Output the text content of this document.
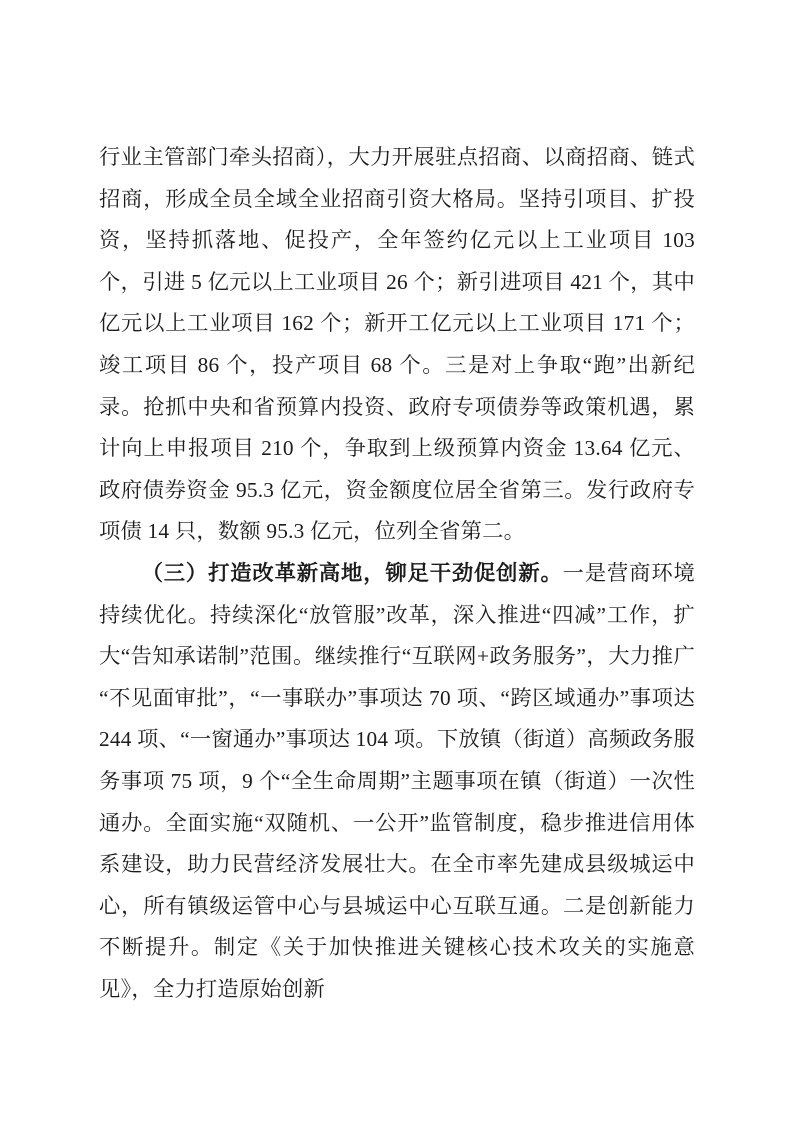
行业主管部门牵头招商），大力开展驻点招商、以商招商、链式招商，形成全员全域全业招商引资大格局。坚持引项目、扩投资，坚持抓落地、促投产，全年签约亿元以上工业项目 103 个，引进 5 亿元以上工业项目 26 个；新引进项目 421 个，其中亿元以上工业项目 162 个；新开工亿元以上工业项目 171 个；竣工项目 86 个，投产项目 68 个。三是对上争取“跑”出新纪录。抢抓中央和省预算内投资、政府专项债券等政策机遇，累计向上申报项目 210 个，争取到上级预算内资金 13.64 亿元、政府债券资金 95.3 亿元，资金额度位居全省第三。发行政府专项债 14 只，数额 95.3 亿元，位列全省第二。

（三）打造改革新高地，铆足干劲促创新。一是营商环境持续优化。持续深化“放管服”改革，深入推进“四减”工作，扩大“告知承诺制”范围。继续推行“互联网+政务服务”，大力推广“不见面审批”，“一事联办”事项达 70 项、“跨区域通办”事项达 244 项、“一窗通办”事项达 104 项。下放镇（街道）高频政务服务事项 75 项，9 个“全生命周期”主题事项在镇（街道）一次性通办。全面实施“双随机、一公开”监管制度，稳步推进信用体系建设，助力民营经济发展壮大。在全市率先建成县级城运中心，所有镇级运管中心与县城运中心互联互通。二是创新能力不断提升。制定《关于加快推进关键核心技术攻关的实施意见》，全力打造原始创新
